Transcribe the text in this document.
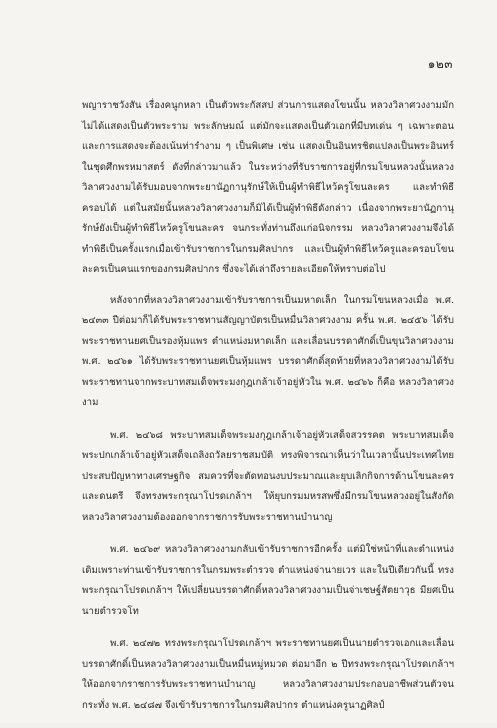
๑๒๓

พญาราชวังสัน เรื่องคนูกหลา เป็นตัวพระกัสสป ส่วนการแสดงโขนนั้น หลวงวิลาศวงงามมักไม่ได้แสดงเป็นตัวพระราม พระลักษมณ์ แต่มักจะแสดงเป็นตัวเอกที่มีบทเด่น ๆ เฉพาะตอนและการแสดงจะต้องเน้นท่ารำงาม ๆ เป็นพิเศษ เช่น แสดงเป็นอินทรชิตแปลงเป็นพระอินทร์ ในชุดศึกพรหมาสตร์ ดังที่กล่าวมาแล้ว ในระหว่างที่รับราชการอยู่ที่กรมโขนหลวงนั้นหลวงวิลาศวงงามได้รับมอบจากพระยานัฏกานุรักษ์ให้เป็นผู้ทำพิธีไหว้ครูโขนละคร และทำพิธีครอบได้ แต่ในสมัยนั้นหลวงวิลาศวงงามก็มิได้เป็นผู้ทำพิธีดังกล่าว เนื่องจากพระยานัฏกานุรักษ์ยังเป็นผู้ทำพิธีไหว้ครูโขนละคร จนกระทั่งท่านถึงแก่อนิจกรรม หลวงวิลาศวงงามจึงได้ทำพิธีเป็นครั้งแรกเมื่อเข้ารับราชการในกรมศิลปากร และเป็นผู้ทำพิธีไหว้ครูและครอบโขนละครเป็นคนแรกของกรมศิลปากร ซึ่งจะได้เล่าถึงรายละเอียดให้ทราบต่อไป

หลังจากที่หลวงวิลาศวงงามเข้ารับราชการเป็นมหาดเล็ก ในกรมโขนหลวงเมื่อ พ.ศ. ๒๔๓๓ ปีต่อมาก็ได้รับพระราชทานสัญญาบัตรเป็นหมื่นวิลาศวงงาม ครั้น พ.ศ. ๒๔๕๖ ได้รับพระราชทานยศเป็นรองหุ้มแพร ตำแหน่งมหาดเล็ก และเลื่อนบรรดาศักดิ์เป็นขุนวิลาศวงงาม พ.ศ. ๒๔๖๑ ได้รับพระราชทานยศเป็นหุ้มแพร บรรดาศักดิ์สุดท้ายที่หลวงวิลาศวงงามได้รับพระราชทานจากพระบาทสมเด็จพระมงกุฎเกล้าเจ้าอยู่หัวใน พ.ศ. ๒๔๖๖ ก็คือ หลวงวิลาศวงงาม

พ.ศ. ๒๔๖๘ พระบาทสมเด็จพระมงกุฎเกล้าเจ้าอยู่หัวเสด็จสวรรคต พระบาทสมเด็จพระปกเกล้าเจ้าอยู่หัวเสด็จเถลิงถวัลยราชสมบัติ ทรงพิจารณาเห็นว่าในเวลานั้นประเทศไทยประสบปัญหาทางเศรษฐกิจ สมควรที่จะตัดทอนงบประมาณและยุบเลิกกิจการด้านโขนละครและดนตรี จึงทรงพระกรุณาโปรดเกล้าฯ ให้ยุบกรมมหรสพซึ่งมีกรมโขนหลวงอยู่ในสังกัด หลวงวิลาศวงงามต้องออกจากราชการรับพระราชทานบำนาญ

พ.ศ. ๒๔๖๙ หลวงวิลาศวงงามกลับเข้ารับราชการอีกครั้ง แต่มิใช่หน้าที่และตำแหน่งเดิมเพราะท่านเข้ารับราชการในกรมพระตำรวจ ตำแหน่งจ่านายเวร และในปีเดียวกันนี้ ทรงพระกรุณาโปรดเกล้าฯ ให้เปลี่ยนบรรดาศักดิ์หลวงวิลาศวงงามเป็นจ่าเชษฐ์สัตยาวุธ มียศเป็นนายตำรวจโท

พ.ศ. ๒๔๗๒ ทรงพระกรุณาโปรดเกล้าฯ พระราชทานยศเป็นนายตำรวจเอกและเลื่อนบรรดาศักดิ์เป็นหลวงวิลาศวงงามเป็นหมื่นหมู่หมวด ต่อมาอีก ๒ ปีทรงพระกรุณาโปรดเกล้าฯ ให้ออกจากราชการรับพระราชทานบำนาญ หลวงวิลาศวงงามประกอบอาชีพส่วนตัวจนกระทั่ง พ.ศ. ๒๔๘๗ จึงเข้ารับราชการในกรมศิลปากร ตำแหน่งครูนาฏศิลป์
